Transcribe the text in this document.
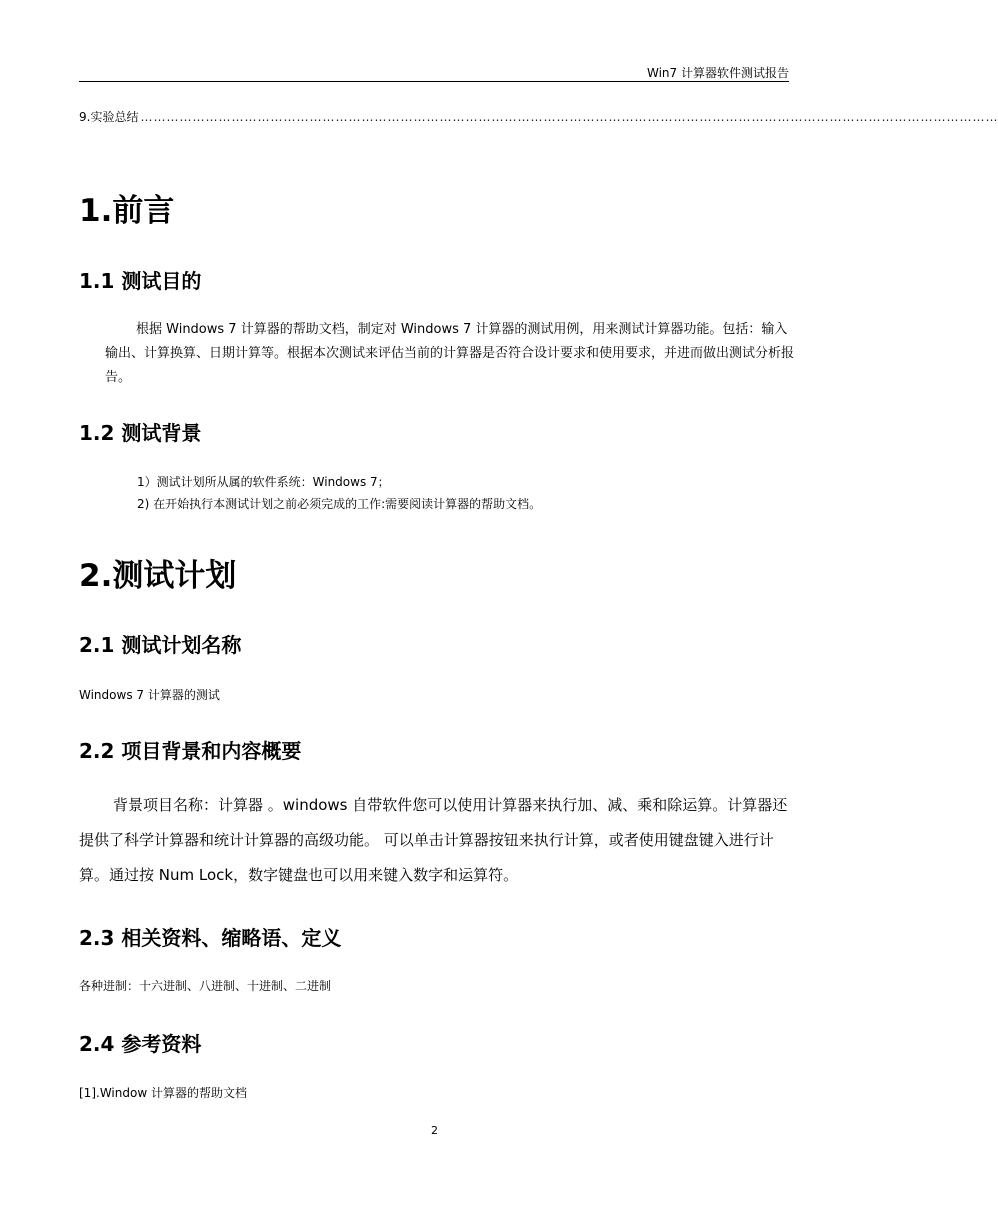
Win7 计算器软件测试报告
9.实验总结 ………………………………………………………………………………………………………………………………………………………………………………
1.前言
1.1 测试目的
根据 Windows 7 计算器的帮助文档，制定对 Windows 7 计算器的测试用例，用来测试计算器功能。包括：输入输出、计算换算、日期计算等。根据本次测试来评估当前的计算器是否符合设计要求和使用要求，并进而做出测试分析报告。
1.2 测试背景
1）测试计划所从属的软件系统：Windows 7；
2) 在开始执行本测试计划之前必须完成的工作:需要阅读计算器的帮助文档。
2.测试计划
2.1 测试计划名称
Windows 7 计算器的测试
2.2 项目背景和内容概要
背景项目名称：计算器 。windows 自带软件您可以使用计算器来执行加、减、乘和除运算。计算器还提供了科学计算器和统计计算器的高级功能。 可以单击计算器按钮来执行计算，或者使用键盘键入进行计算。通过按 Num Lock，数字键盘也可以用来键入数字和运算符。
2.3 相关资料、缩略语、定义
各种进制：十六进制、八进制、十进制、二进制
2.4 参考资料
[1].Window 计算器的帮助文档
2
